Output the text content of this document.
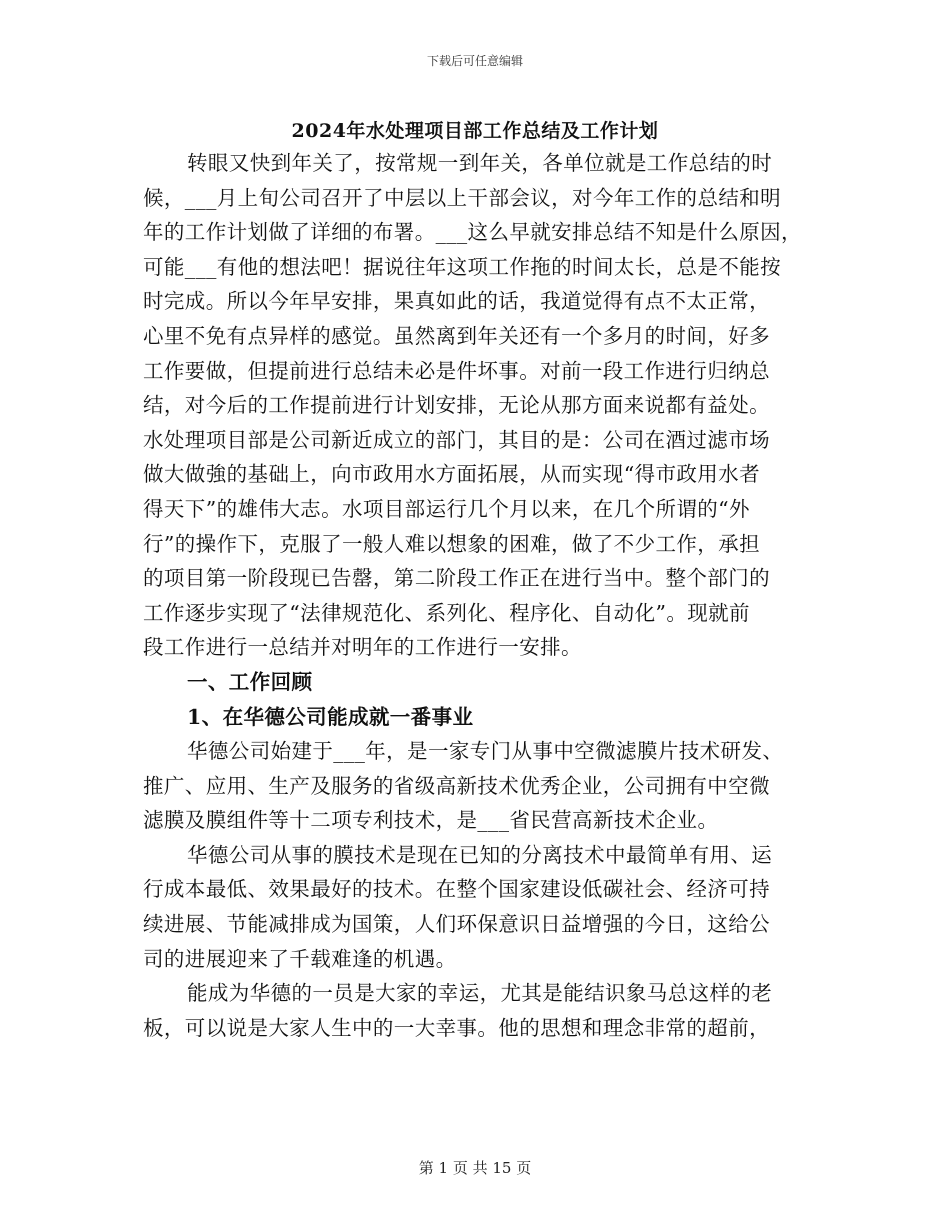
下载后可任意编辑
2024年水处理项目部工作总结及工作计划
转眼又快到年关了，按常规一到年关，各单位就是工作总结的时
候，___月上旬公司召开了中层以上干部会议，对今年工作的总结和明
年的工作计划做了详细的布署。___这么早就安排总结不知是什么原因，
可能___有他的想法吧！据说往年这项工作拖的时间太长，总是不能按
时完成。所以今年早安排，果真如此的话，我道觉得有点不太正常，
心里不免有点异样的感觉。虽然离到年关还有一个多月的时间，好多
工作要做，但提前进行总结未必是件坏事。对前一段工作进行归纳总
结，对今后的工作提前进行计划安排，无论从那方面来说都有益处。
水处理项目部是公司新近成立的部门，其目的是：公司在酒过滤市场
做大做強的基础上，向市政用水方面拓展，从而实现“得市政用水者
得天下”的雄伟大志。水项目部运行几个月以来，在几个所谓的“外
行”的操作下，克服了一般人难以想象的困难，做了不少工作，承担
的项目第一阶段现已告罄，第二阶段工作正在进行当中。整个部门的
工作逐步实现了“法律规范化、系列化、程序化、自动化”。现就前
段工作进行一总结并对明年的工作进行一安排。
一、工作回顾
1、在华德公司能成就一番事业
华德公司始建于___年，是一家专门从事中空微滤膜片技术研发、
推广、应用、生产及服务的省级高新技术优秀企业，公司拥有中空微
滤膜及膜组件等十二项专利技术，是___省民营高新技术企业。
华德公司从事的膜技术是现在已知的分离技术中最简单有用、运
行成本最低、效果最好的技术。在整个国家建设低碳社会、经济可持
续进展、节能减排成为国策，人们环保意识日益增强的今日，这给公
司的进展迎来了千载难逢的机遇。
能成为华德的一员是大家的幸运，尤其是能结识象马总这样的老
板，可以说是大家人生中的一大幸事。他的思想和理念非常的超前，
第 1 页 共 15 页
